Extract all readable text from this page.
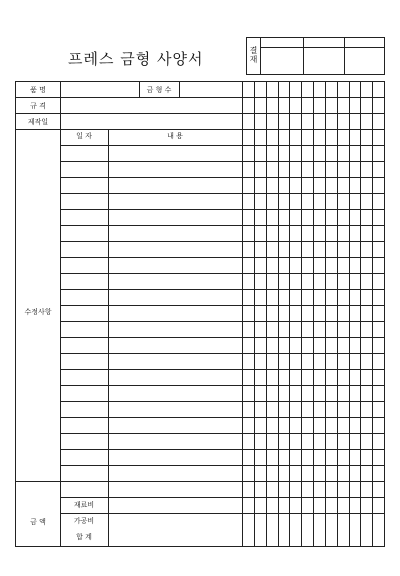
프레스 금형 사양서	결 재
품 명	금 형 수
규 격
제작일
일 자	내 용
수정사항
금 액
재료비
가공비
합 계
